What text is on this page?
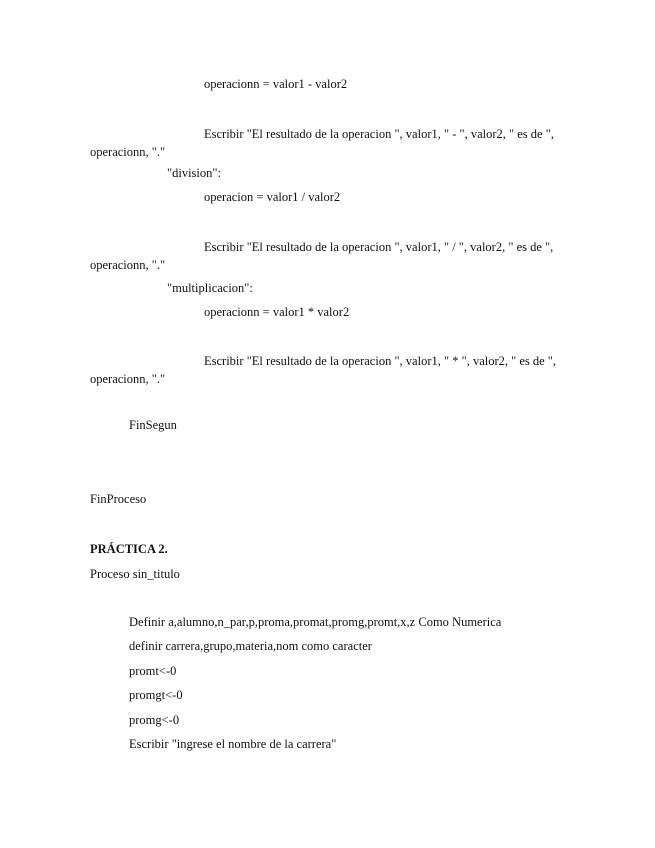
operacionn = valor1 - valor2
Escribir "El resultado de la operacion ", valor1, " - ", valor2, " es de ",
operacionn, "."
"division":
operacion = valor1 / valor2
Escribir "El resultado de la operacion ", valor1, " / ", valor2, " es de ",
operacionn, "."
"multiplicacion":
operacionn = valor1 * valor2
Escribir "El resultado de la operacion ", valor1, " * ", valor2, " es de ",
operacionn, "."
FinSegun
FinProceso
PRÁCTICA 2.
Proceso sin_titulo
Definir a,alumno,n_par,p,proma,promat,promg,promt,x,z Como Numerica
definir carrera,grupo,materia,nom como caracter
promt<-0
promgt<-0
promg<-0
Escribir "ingrese el nombre de la carrera"
